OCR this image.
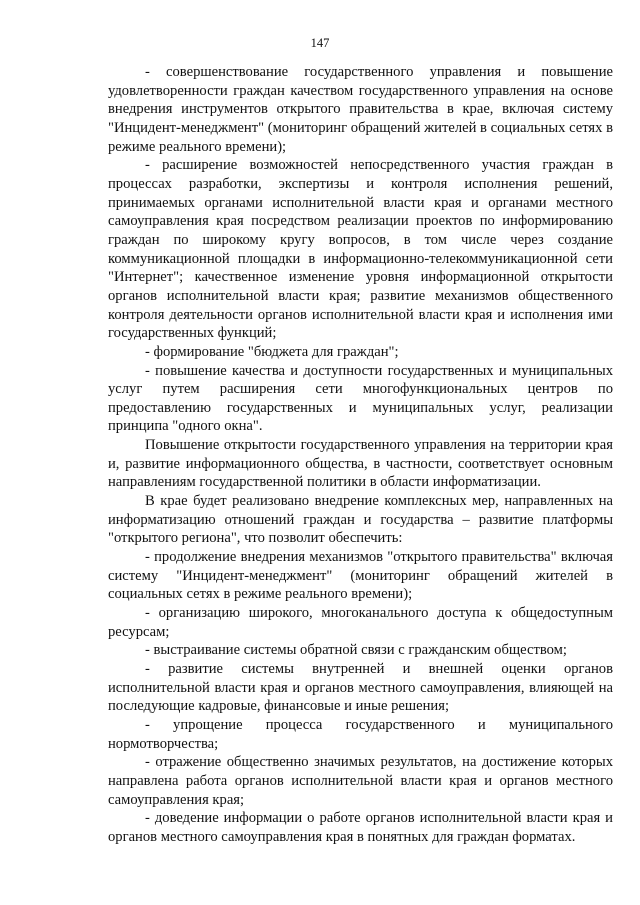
147

- совершенствование государственного управления и повышение удовлетворенности граждан качеством государственного управления на основе внедрения инструментов открытого правительства в крае, включая систему "Инцидент-менеджмент" (мониторинг обращений жителей в социальных сетях в режиме реального времени);

- расширение возможностей непосредственного участия граждан в процессах разработки, экспертизы и контроля исполнения решений, принимаемых органами исполнительной власти края и органами местного самоуправления края посредством реализации проектов по информированию граждан по широкому кругу вопросов, в том числе через создание коммуникационной площадки в информационно-телекоммуникационной сети "Интернет"; качественное изменение уровня информационной открытости органов исполнительной власти края; развитие механизмов общественного контроля деятельности органов исполнительной власти края и исполнения ими государственных функций;

- формирование "бюджета для граждан";

- повышение качества и доступности государственных и муниципальных услуг путем расширения сети многофункциональных центров по предоставлению государственных и муниципальных услуг, реализации принципа "одного окна".

Повышение открытости государственного управления на территории края и, развитие информационного общества, в частности, соответствует основным направлениям государственной политики в области информатизации.

В крае будет реализовано внедрение комплексных мер, направленных на информатизацию отношений граждан и государства – развитие платформы "открытого региона", что позволит обеспечить:

- продолжение внедрения механизмов "открытого правительства" включая систему "Инцидент-менеджмент" (мониторинг обращений жителей в социальных сетях в режиме реального времени);

- организацию широкого, многоканального доступа к общедоступным ресурсам;

- выстраивание системы обратной связи с гражданским обществом;

- развитие системы внутренней и внешней оценки органов исполнительной власти края и органов местного самоуправления, влияющей на последующие кадровые, финансовые и иные решения;

- упрощение процесса государственного и муниципального нормотворчества;

- отражение общественно значимых результатов, на достижение которых направлена работа органов исполнительной власти края и органов местного самоуправления края;

- доведение информации о работе органов исполнительной власти края и органов местного самоуправления края в понятных для граждан форматах.
